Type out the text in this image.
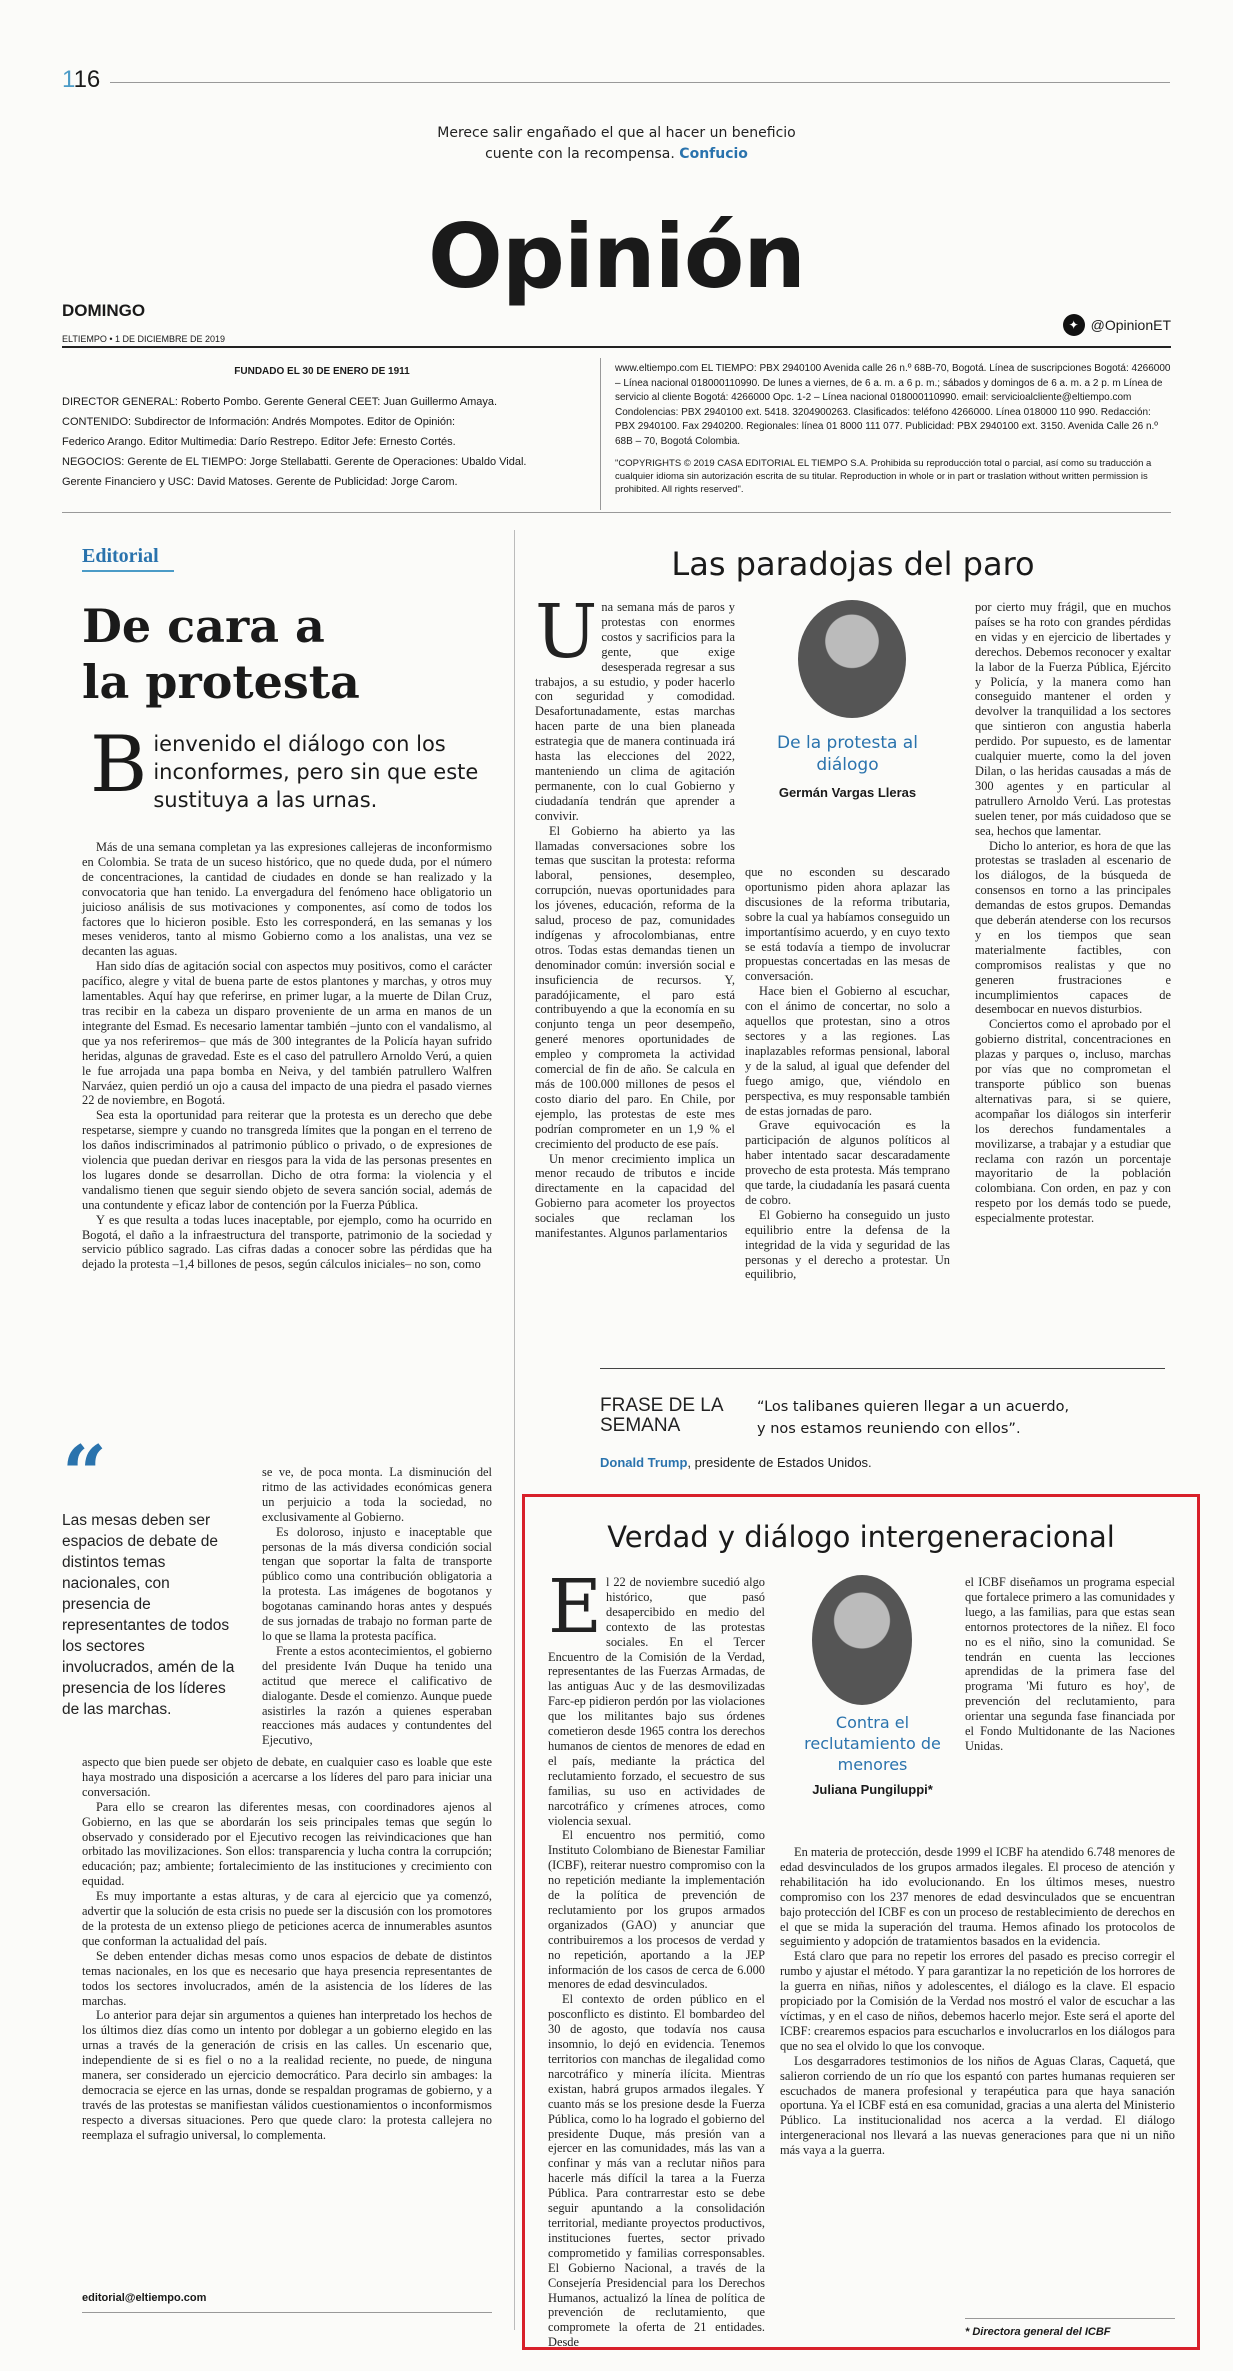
116
Merece salir engañado el que al hacer un beneficio
cuente con la recompensa. Confucio
Opinión
DOMINGO
ELTIEMPO • 1 DE DICIEMBRE DE 2019
✦ @OpinionET
FUNDADO EL 30 DE ENERO DE 1911
DIRECTOR GENERAL: Roberto Pombo. Gerente General CEET: Juan Guillermo Amaya.
CONTENIDO: Subdirector de Información: Andrés Mompotes. Editor de Opinión:
Federico Arango. Editor Multimedia: Darío Restrepo. Editor Jefe: Ernesto Cortés.
NEGOCIOS: Gerente de EL TIEMPO: Jorge Stellabatti. Gerente de Operaciones: Ubaldo Vidal.
Gerente Financiero y USC: David Matoses. Gerente de Publicidad: Jorge Carom.
www.eltiempo.com EL TIEMPO: PBX 2940100 Avenida calle 26 n.º 68B-70, Bogotá. Línea de suscripciones Bogotá: 4266000 – Línea nacional 018000110990. De lunes a viernes, de 6 a. m. a 6 p. m.; sábados y domingos de 6 a. m. a 2 p. m Línea de servicio al cliente Bogotá: 4266000 Opc. 1-2 – Línea nacional 018000110990. email: servicioalcliente@eltiempo.com Condolencias: PBX 2940100 ext. 5418. 3204900263. Clasificados: teléfono 4266000. Línea 018000 110 990. Redacción: PBX 2940100. Fax 2940200. Regionales: línea 01 8000 111 077. Publicidad: PBX 2940100 ext. 3150. Avenida Calle 26 n.º 68B – 70, Bogotá Colombia.
"COPYRIGHTS © 2019 CASA EDITORIAL EL TIEMPO S.A. Prohibida su reproducción total o parcial, así como su traducción a cualquier idioma sin autorización escrita de su titular. Reproduction in whole or in part or traslation without written permission is prohibited. All rights reserved".
Editorial
De cara a
la protesta
Bienvenido el diálogo con los inconformes, pero sin que este sustituya a las urnas.

Más de una semana completan ya las expresiones callejeras de inconformismo en Colombia. Se trata de un suceso histórico, que no quede duda, por el número de concentraciones, la cantidad de ciudades en donde se han realizado y la convocatoria que han tenido. La envergadura del fenómeno hace obligatorio un juicioso análisis de sus motivaciones y componentes, así como de todos los factores que lo hicieron posible. Esto les corresponderá, en las semanas y los meses venideros, tanto al mismo Gobierno como a los analistas, una vez se decanten las aguas.

Han sido días de agitación social con aspectos muy positivos, como el carácter pacífico, alegre y vital de buena parte de estos plantones y marchas, y otros muy lamentables. Aquí hay que referirse, en primer lugar, a la muerte de Dilan Cruz, tras recibir en la cabeza un disparo proveniente de un arma en manos de un integrante del Esmad. Es necesario lamentar también –junto con el vandalismo, al que ya nos referiremos– que más de 300 integrantes de la Policía hayan sufrido heridas, algunas de gravedad. Este es el caso del patrullero Arnoldo Verú, a quien le fue arrojada una papa bomba en Neiva, y del también patrullero Walfren Narváez, quien perdió un ojo a causa del impacto de una piedra el pasado viernes 22 de noviembre, en Bogotá.

Sea esta la oportunidad para reiterar que la protesta es un derecho que debe respetarse, siempre y cuando no transgreda límites que la pongan en el terreno de los daños indiscriminados al patrimonio público o privado, o de expresiones de violencia que puedan derivar en riesgos para la vida de las personas presentes en los lugares donde se desarrollan. Dicho de otra forma: la violencia y el vandalismo tienen que seguir siendo objeto de severa sanción social, además de una contundente y eficaz labor de contención por la Fuerza Pública.

Y es que resulta a todas luces inaceptable, por ejemplo, como ha ocurrido en Bogotá, el daño a la infraestructura del transporte, patrimonio de la sociedad y servicio público sagrado. Las cifras dadas a conocer sobre las pérdidas que ha dejado la protesta –1,4 billones de pesos, según cálculos iniciales– no son, como

“
Las mesas deben ser espacios de debate de distintos temas nacionales, con presencia de representantes de todos los sectores involucrados, amén de la presencia de los líderes de las marchas.

se ve, de poca monta. La disminución del ritmo de las actividades económicas genera un perjuicio a toda la sociedad, no exclusivamente al Gobierno.

Es doloroso, injusto e inaceptable que personas de la más diversa condición social tengan que soportar la falta de transporte público como una contribución obligatoria a la protesta. Las imágenes de bogotanos y bogotanas caminando horas antes y después de sus jornadas de trabajo no forman parte de lo que se llama la protesta pacífica.

Frente a estos acontecimientos, el gobierno del presidente Iván Duque ha tenido una actitud que merece el calificativo de dialogante. Desde el comienzo. Aunque puede asistirles la razón a quienes esperaban reacciones más audaces y contundentes del Ejecutivo,

aspecto que bien puede ser objeto de debate, en cualquier caso es loable que este haya mostrado una disposición a acercarse a los líderes del paro para iniciar una conversación.

Para ello se crearon las diferentes mesas, con coordinadores ajenos al Gobierno, en las que se abordarán los seis principales temas que según lo observado y considerado por el Ejecutivo recogen las reivindicaciones que han orbitado las movilizaciones. Son ellos: transparencia y lucha contra la corrupción; educación; paz; ambiente; fortalecimiento de las instituciones y crecimiento con equidad.

Es muy importante a estas alturas, y de cara al ejercicio que ya comenzó, advertir que la solución de esta crisis no puede ser la discusión con los promotores de la protesta de un extenso pliego de peticiones acerca de innumerables asuntos que conforman la actualidad del país.

Se deben entender dichas mesas como unos espacios de debate de distintos temas nacionales, en los que es necesario que haya presencia representantes de todos los sectores involucrados, amén de la asistencia de los líderes de las marchas.

Lo anterior para dejar sin argumentos a quienes han interpretado los hechos de los últimos diez días como un intento por doblegar a un gobierno elegido en las urnas a través de la generación de crisis en las calles. Un escenario que, independiente de si es fiel o no a la realidad reciente, no puede, de ninguna manera, ser considerado un ejercicio democrático. Para decirlo sin ambages: la democracia se ejerce en las urnas, donde se respaldan programas de gobierno, y a través de las protestas se manifiestan válidos cuestionamientos o inconformismos respecto a diversas situaciones. Pero que quede claro: la protesta callejera no reemplaza el sufragio universal, lo complementa.

editorial@eltiempo.com
Las paradojas del paro

Una semana más de paros y protestas con enormes costos y sacrificios para la gente, que exige desesperada regresar a sus trabajos, a su estudio, y poder hacerlo con seguridad y comodidad. Desafortunadamente, estas marchas hacen parte de una bien planeada estrategia que de manera continuada irá hasta las elecciones del 2022, manteniendo un clima de agitación permanente, con lo cual Gobierno y ciudadanía tendrán que aprender a convivir.

El Gobierno ha abierto ya las llamadas conversaciones sobre los temas que suscitan la protesta: reforma laboral, pensiones, desempleo, corrupción, nuevas oportunidades para los jóvenes, educación, reforma de la salud, proceso de paz, comunidades indígenas y afrocolombianas, entre otros. Todas estas demandas tienen un denominador común: inversión social e insuficiencia de recursos. Y, paradójicamente, el paro está contribuyendo a que la economía en su conjunto tenga un peor desempeño, generé menores oportunidades de empleo y comprometa la actividad comercial de fin de año. Se calcula en más de 100.000 millones de pesos el costo diario del paro. En Chile, por ejemplo, las protestas de este mes podrían comprometer en un 1,9 % el crecimiento del producto de ese país.

Un menor crecimiento implica un menor recaudo de tributos e incide directamente en la capacidad del Gobierno para acometer los proyectos sociales que reclaman los manifestantes. Algunos parlamentarios

De la protesta al diálogo
Germán Vargas Lleras

que no esconden su descarado oportunismo piden ahora aplazar las discusiones de la reforma tributaria, sobre la cual ya habíamos conseguido un importantísimo acuerdo, y en cuyo texto se está todavía a tiempo de involucrar propuestas concertadas en las mesas de conversación.

Hace bien el Gobierno al escuchar, con el ánimo de concertar, no solo a aquellos que protestan, sino a otros sectores y a las regiones. Las inaplazables reformas pensional, laboral y de la salud, al igual que defender del fuego amigo, que, viéndolo en perspectiva, es muy responsable también de estas jornadas de paro.

Grave equivocación es la participación de algunos políticos al haber intentado sacar descaradamente provecho de esta protesta. Más temprano que tarde, la ciudadanía les pasará cuenta de cobro.

El Gobierno ha conseguido un justo equilibrio entre la defensa de la integridad de la vida y seguridad de las personas y el derecho a protestar. Un equilibrio,

por cierto muy frágil, que en muchos países se ha roto con grandes pérdidas en vidas y en ejercicio de libertades y derechos. Debemos reconocer y exaltar la labor de la Fuerza Pública, Ejército y Policía, y la manera como han conseguido mantener el orden y devolver la tranquilidad a los sectores que sintieron con angustia haberla perdido. Por supuesto, es de lamentar cualquier muerte, como la del joven Dilan, o las heridas causadas a más de 300 agentes y en particular al patrullero Arnoldo Verú. Las protestas suelen tener, por más cuidadoso que se sea, hechos que lamentar.

Dicho lo anterior, es hora de que las protestas se trasladen al escenario de los diálogos, de la búsqueda de consensos en torno a las principales demandas de estos grupos. Demandas que deberán atenderse con los recursos y en los tiempos que sean materialmente factibles, con compromisos realistas y que no generen frustraciones e incumplimientos capaces de desembocar en nuevos disturbios.

Conciertos como el aprobado por el gobierno distrital, concentraciones en plazas y parques o, incluso, marchas por vías que no comprometan el transporte público son buenas alternativas para, si se quiere, acompañar los diálogos sin interferir los derechos fundamentales a movilizarse, a trabajar y a estudiar que reclama con razón un porcentaje mayoritario de la población colombiana. Con orden, en paz y con respeto por los demás todo se puede, especialmente protestar.

FRASE DE LA
SEMANA
“Los talibanes quieren llegar a un acuerdo,
y nos estamos reuniendo con ellos”.
Donald Trump, presidente de Estados Unidos.
Verdad y diálogo intergeneracional

El 22 de noviembre sucedió algo histórico, que pasó desapercibido en medio del contexto de las protestas sociales. En el Tercer Encuentro de la Comisión de la Verdad, representantes de las Fuerzas Armadas, de las antiguas Auc y de las desmovilizadas Farc-ep pidieron perdón por las violaciones que los militantes bajo sus órdenes cometieron desde 1965 contra los derechos humanos de cientos de menores de edad en el país, mediante la práctica del reclutamiento forzado, el secuestro de sus familias, su uso en actividades de narcotráfico y crímenes atroces, como violencia sexual.

El encuentro nos permitió, como Instituto Colombiano de Bienestar Familiar (ICBF), reiterar nuestro compromiso con la no repetición mediante la implementación de la política de prevención de reclutamiento por los grupos armados organizados (GAO) y anunciar que contribuiremos a los procesos de verdad y no repetición, aportando a la JEP información de los casos de cerca de 6.000 menores de edad desvinculados.

El contexto de orden público en el posconflicto es distinto. El bombardeo del 30 de agosto, que todavía nos causa insomnio, lo dejó en evidencia. Tenemos territorios con manchas de ilegalidad como narcotráfico y minería ilícita. Mientras existan, habrá grupos armados ilegales. Y cuanto más se los presione desde la Fuerza Pública, como lo ha logrado el gobierno del presidente Duque, más presión van a ejercer en las comunidades, más las van a confinar y más van a reclutar niños para hacerle más difícil la tarea a la Fuerza Pública. Para contrarrestar esto se debe seguir apuntando a la consolidación territorial, mediante proyectos productivos, instituciones fuertes, sector privado comprometido y familias corresponsables. El Gobierno Nacional, a través de la Consejería Presidencial para los Derechos Humanos, actualizó la línea de política de prevención de reclutamiento, que compromete la oferta de 21 entidades. Desde

Contra el reclutamiento de menores
Juliana Pungiluppi*

el ICBF diseñamos un programa especial que fortalece primero a las comunidades y luego, a las familias, para que estas sean entornos protectores de la niñez. El foco no es el niño, sino la comunidad. Se tendrán en cuenta las lecciones aprendidas de la primera fase del programa 'Mi futuro es hoy', de prevención del reclutamiento, para orientar una segunda fase financiada por el Fondo Multidonante de las Naciones Unidas.

En materia de protección, desde 1999 el ICBF ha atendido 6.748 menores de edad desvinculados de los grupos armados ilegales. El proceso de atención y rehabilitación ha ido evolucionando. En los últimos meses, nuestro compromiso con los 237 menores de edad desvinculados que se encuentran bajo protección del ICBF es con un proceso de restablecimiento de derechos en el que se mida la superación del trauma. Hemos afinado los protocolos de seguimiento y adopción de tratamientos basados en la evidencia.

Está claro que para no repetir los errores del pasado es preciso corregir el rumbo y ajustar el método. Y para garantizar la no repetición de los horrores de la guerra en niñas, niños y adolescentes, el diálogo es la clave. El espacio propiciado por la Comisión de la Verdad nos mostró el valor de escuchar a las víctimas, y en el caso de niños, debemos hacerlo mejor. Este será el aporte del ICBF: crearemos espacios para escucharlos e involucrarlos en los diálogos para que no sea el olvido lo que los convoque.

Los desgarradores testimonios de los niños de Aguas Claras, Caquetá, que salieron corriendo de un río que los espantó con partes humanas requieren ser escuchados de manera profesional y terapéutica para que haya sanación oportuna. Ya el ICBF está en esa comunidad, gracias a una alerta del Ministerio Público. La institucionalidad nos acerca a la verdad. El diálogo intergeneracional nos llevará a las nuevas generaciones para que ni un niño más vaya a la guerra.

* Directora general del ICBF
